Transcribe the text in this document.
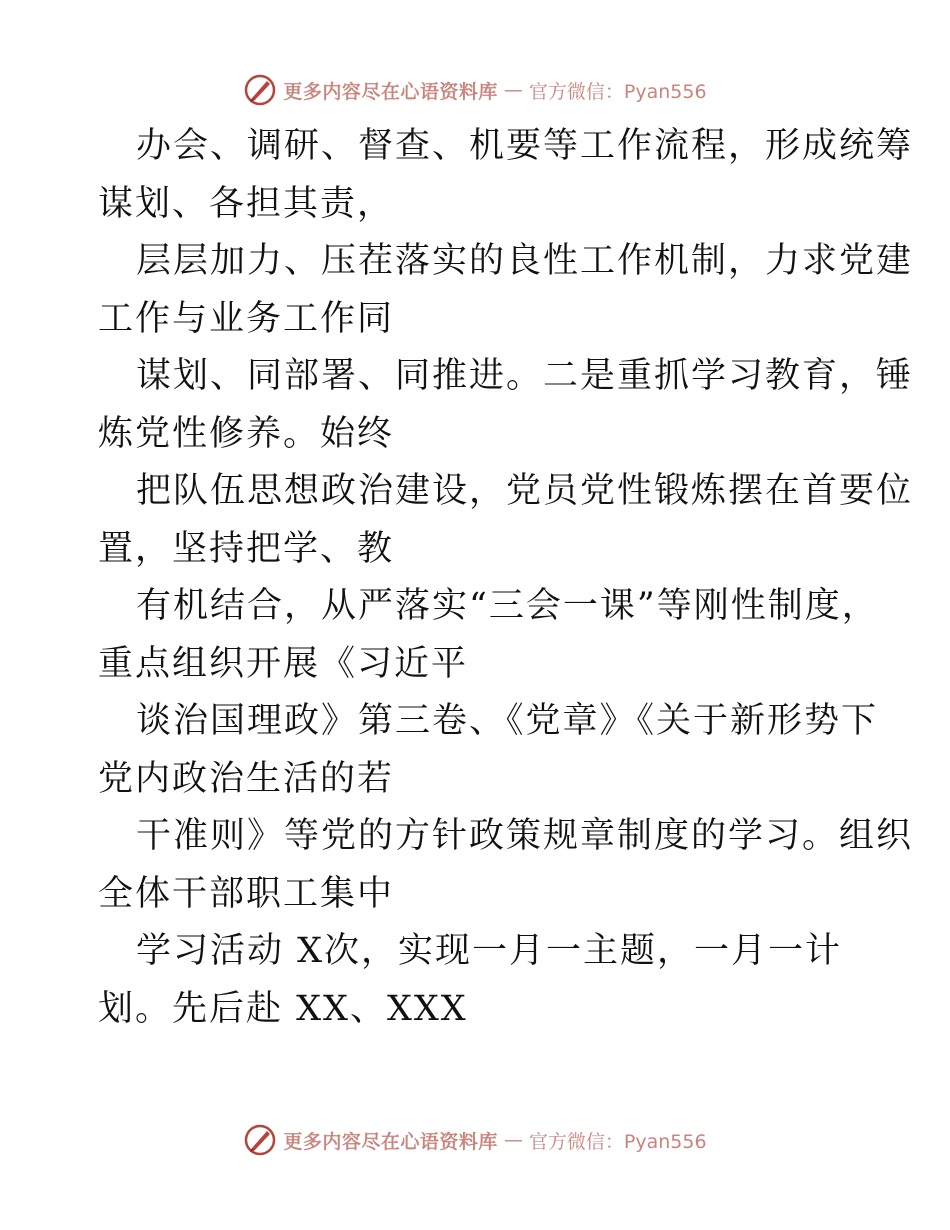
更多内容尽在心语资料库 — 官方微信：Pyan556

办会、调研、督查、机要等工作流程，形成统筹

谋划、各担其责，

层层加力、压茬落实的良性工作机制，力求党建

工作与业务工作同

谋划、同部署、同推进。二是重抓学习教育，锤

炼党性修养。始终

把队伍思想政治建设，党员党性锻炼摆在首要位

置，坚持把学、教

有机结合，从严落实“三会一课”等刚性制度，

重点组织开展《习近平

谈治国理政》第三卷、《党章》《关于新形势下

党内政治生活的若

干准则》等党的方针政策规章制度的学习。组织

全体干部职工集中

学习活动 X次，实现一月一主题，一月一计

划。先后赴 XX、XXX

更多内容尽在心语资料库 — 官方微信：Pyan556
